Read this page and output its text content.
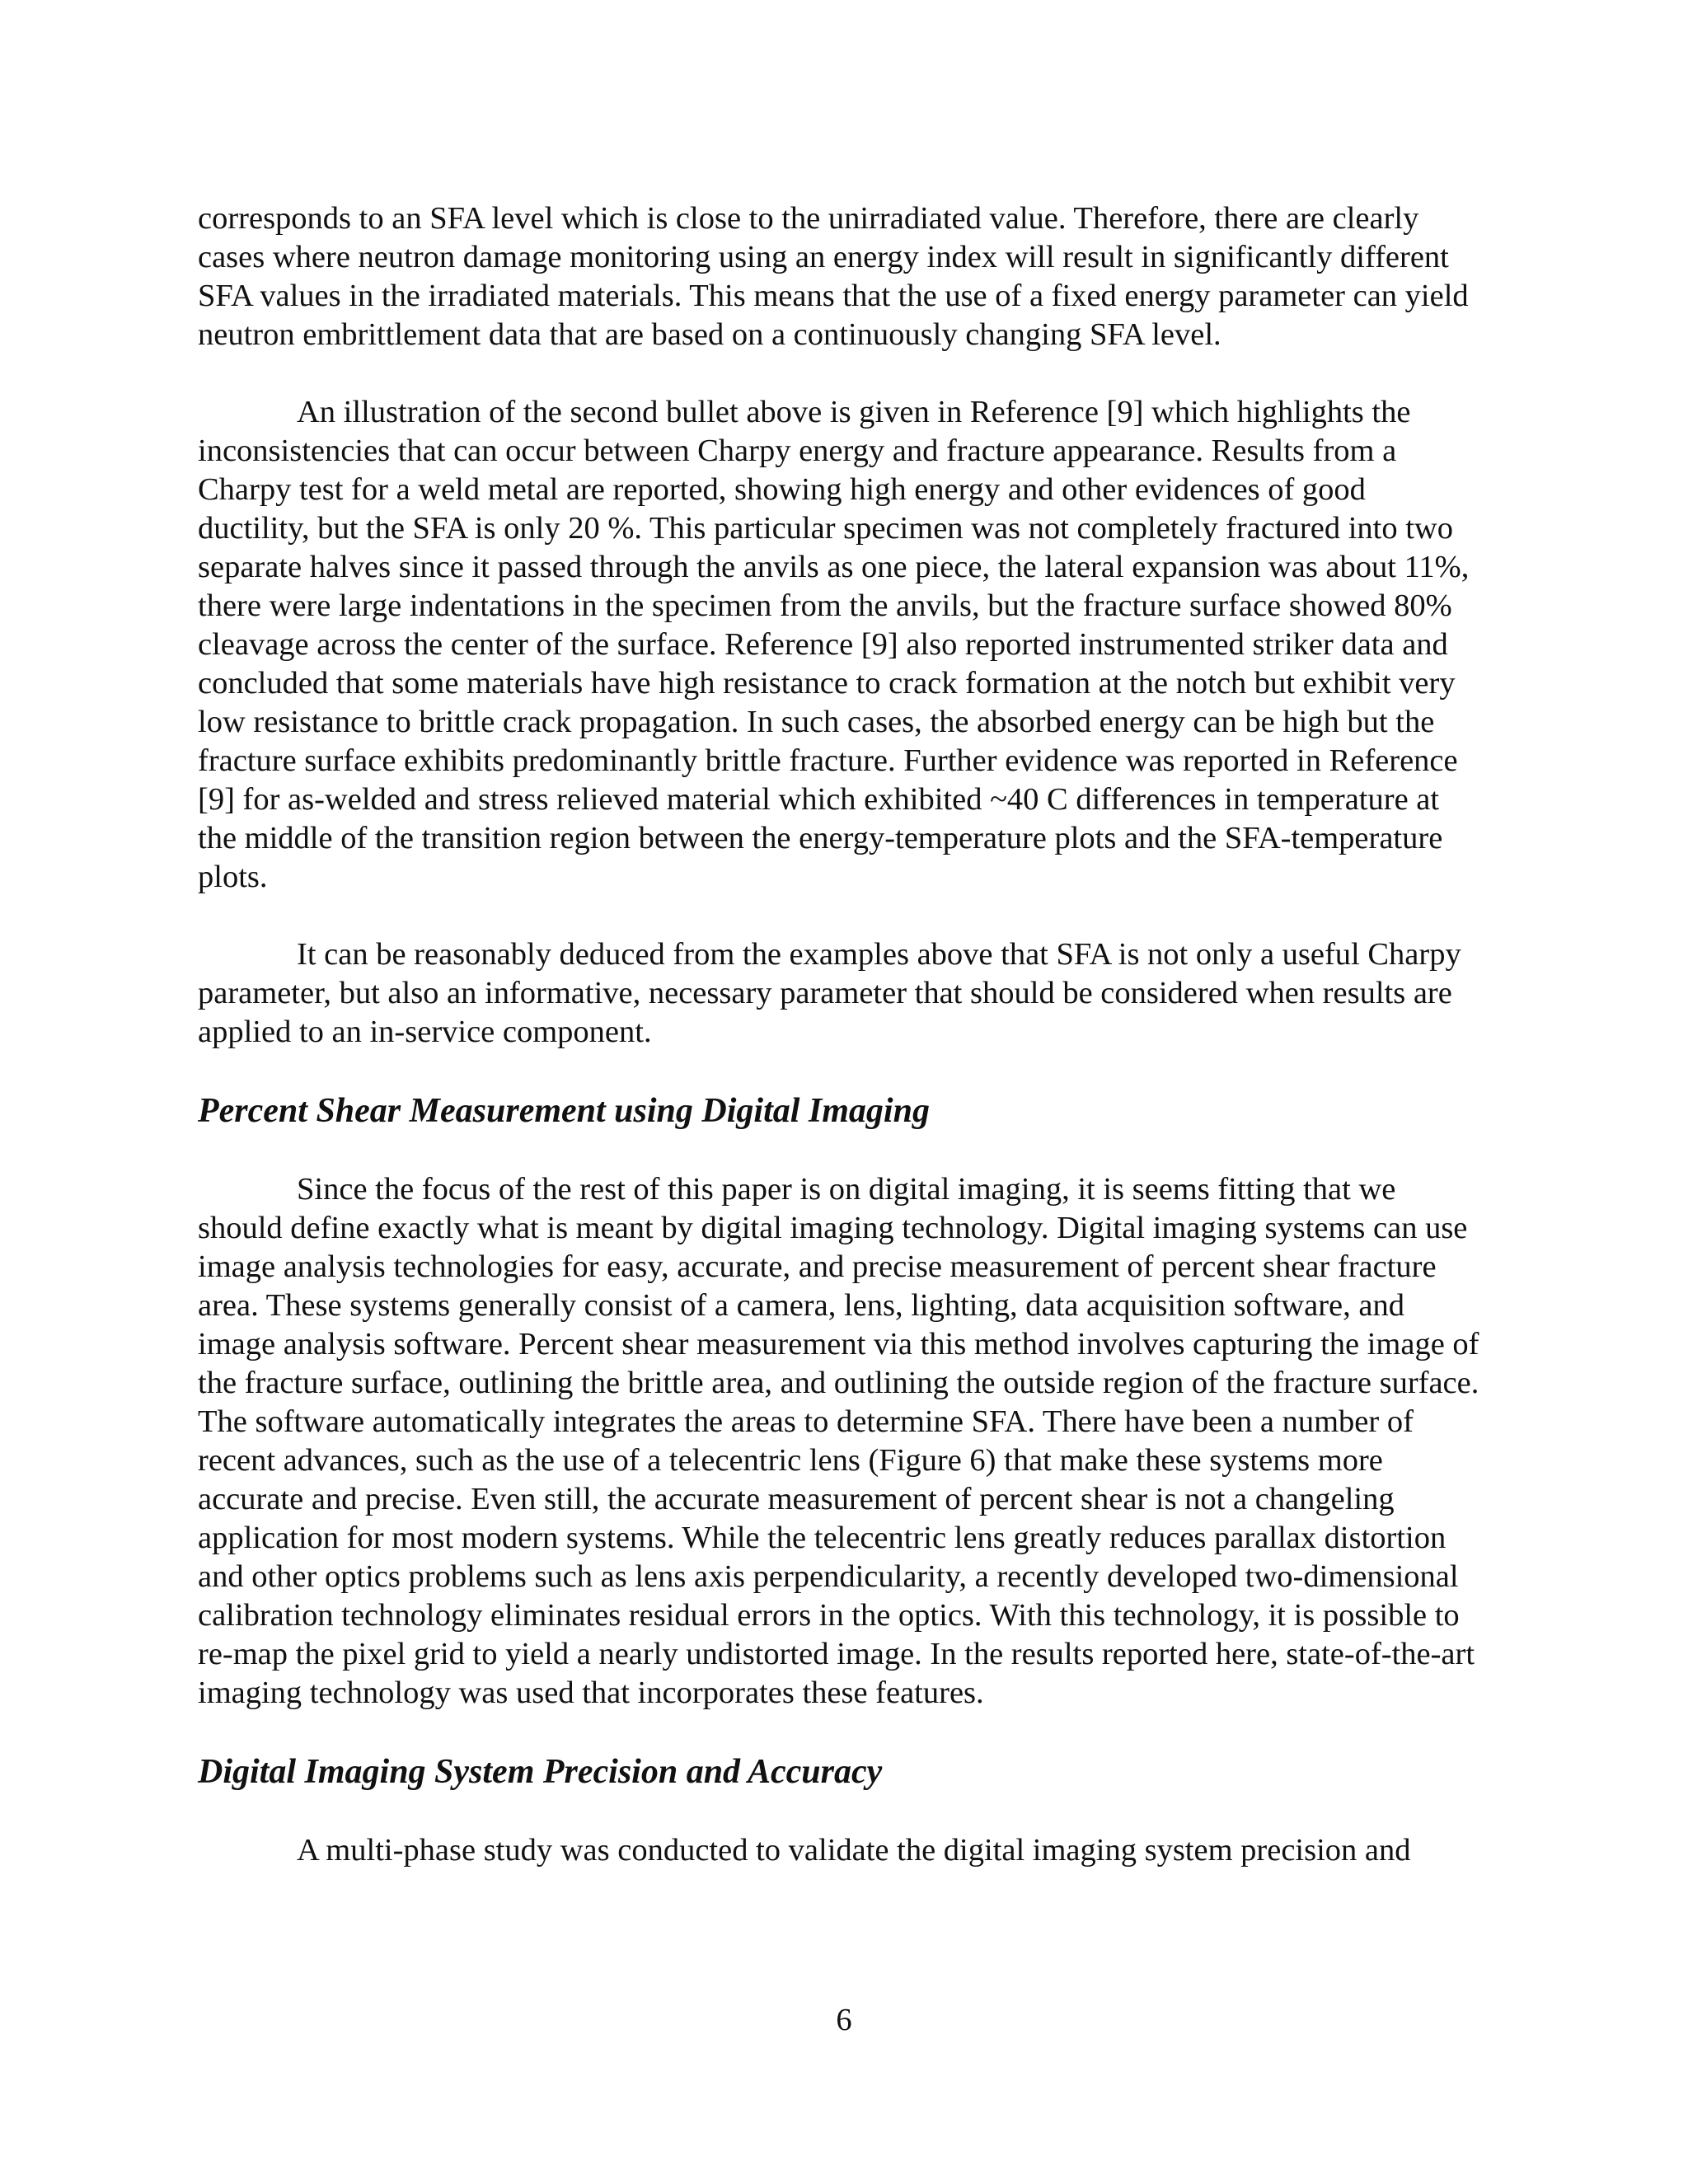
corresponds to an SFA level which is close to the unirradiated value. Therefore, there are clearly cases where neutron damage monitoring using an energy index will result in significantly different SFA values in the irradiated materials. This means that the use of a fixed energy parameter can yield neutron embrittlement data that are based on a continuously changing SFA level.

An illustration of the second bullet above is given in Reference [9] which highlights the inconsistencies that can occur between Charpy energy and fracture appearance. Results from a Charpy test for a weld metal are reported, showing high energy and other evidences of good ductility, but the SFA is only 20 %. This particular specimen was not completely fractured into two separate halves since it passed through the anvils as one piece, the lateral expansion was about 11%, there were large indentations in the specimen from the anvils, but the fracture surface showed 80% cleavage across the center of the surface. Reference [9] also reported instrumented striker data and concluded that some materials have high resistance to crack formation at the notch but exhibit very low resistance to brittle crack propagation. In such cases, the absorbed energy can be high but the fracture surface exhibits predominantly brittle fracture. Further evidence was reported in Reference [9] for as-welded and stress relieved material which exhibited ~40 C differences in temperature at the middle of the transition region between the energy-temperature plots and the SFA-temperature plots.

It can be reasonably deduced from the examples above that SFA is not only a useful Charpy parameter, but also an informative, necessary parameter that should be considered when results are applied to an in-service component.

Percent Shear Measurement using Digital Imaging

Since the focus of the rest of this paper is on digital imaging, it is seems fitting that we should define exactly what is meant by digital imaging technology. Digital imaging systems can use image analysis technologies for easy, accurate, and precise measurement of percent shear fracture area. These systems generally consist of a camera, lens, lighting, data acquisition software, and image analysis software. Percent shear measurement via this method involves capturing the image of the fracture surface, outlining the brittle area, and outlining the outside region of the fracture surface. The software automatically integrates the areas to determine SFA. There have been a number of recent advances, such as the use of a telecentric lens (Figure 6) that make these systems more accurate and precise. Even still, the accurate measurement of percent shear is not a changeling application for most modern systems. While the telecentric lens greatly reduces parallax distortion and other optics problems such as lens axis perpendicularity, a recently developed two-dimensional calibration technology eliminates residual errors in the optics. With this technology, it is possible to re-map the pixel grid to yield a nearly undistorted image. In the results reported here, state-of-the-art imaging technology was used that incorporates these features.

Digital Imaging System Precision and Accuracy

A multi-phase study was conducted to validate the digital imaging system precision and

6
